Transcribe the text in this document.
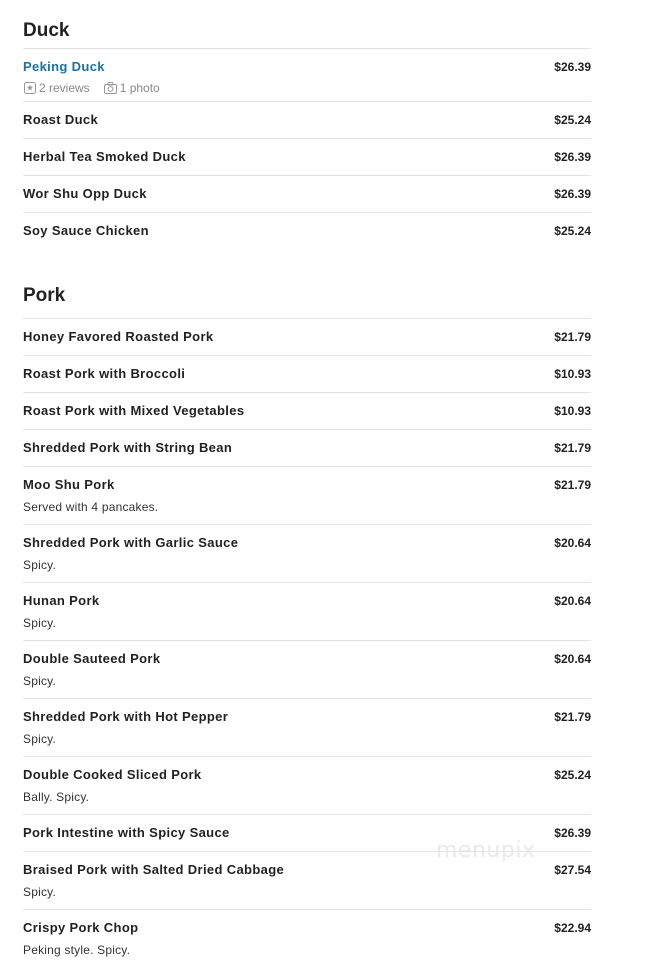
Duck
Peking Duck	$26.39
2 reviews	1 photo
Roast Duck	$25.24
Herbal Tea Smoked Duck	$26.39
Wor Shu Opp Duck	$26.39
Soy Sauce Chicken	$25.24
Pork
Honey Favored Roasted Pork	$21.79
Roast Pork with Broccoli	$10.93
Roast Pork with Mixed Vegetables	$10.93
Shredded Pork with String Bean	$21.79
Moo Shu Pork	$21.79
Served with 4 pancakes.
Shredded Pork with Garlic Sauce	$20.64
Spicy.
Hunan Pork	$20.64
Spicy.
Double Sauteed Pork	$20.64
Spicy.
Shredded Pork with Hot Pepper	$21.79
Spicy.
Double Cooked Sliced Pork	$25.24
Bally. Spicy.
Pork Intestine with Spicy Sauce	$26.39
Braised Pork with Salted Dried Cabbage	$27.54
Spicy.
Crispy Pork Chop	$22.94
Peking style. Spicy.
menupix
